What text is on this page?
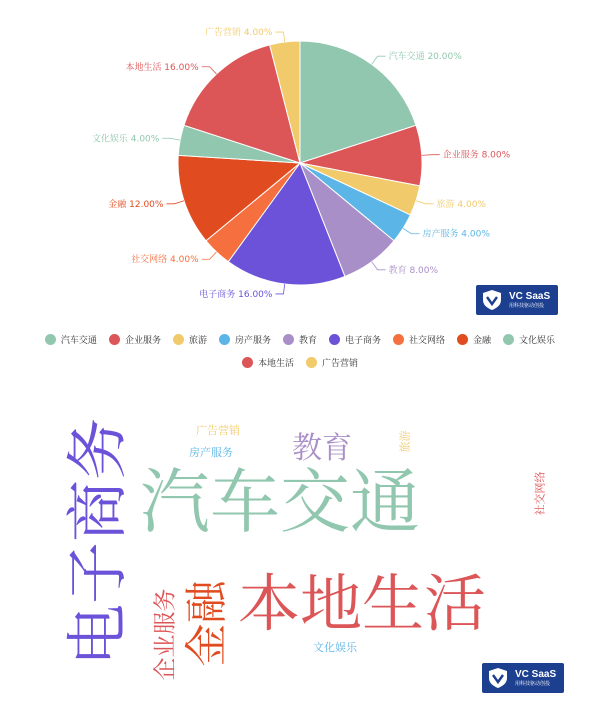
汽车交通 20.00%
企业服务 8.00%
旅游 4.00%
房产服务 4.00%
教育 8.00%
电子商务 16.00%
社交网络 4.00%
金融 12.00%
文化娱乐 4.00%
本地生活 16.00%
广告营销 4.00%
VC SaaS
用科技驱动创投
汽车交通	企业服务	旅游	房产服务	教育	电子商务	社交网络	金融	文化娱乐
本地生活	广告营销
汽车交通
电子商务 本地生活
金融
企业服务
教育
广告营销
房产服务
旅游
社交网络
文化娱乐
VC SaaS
用科技驱动创投
